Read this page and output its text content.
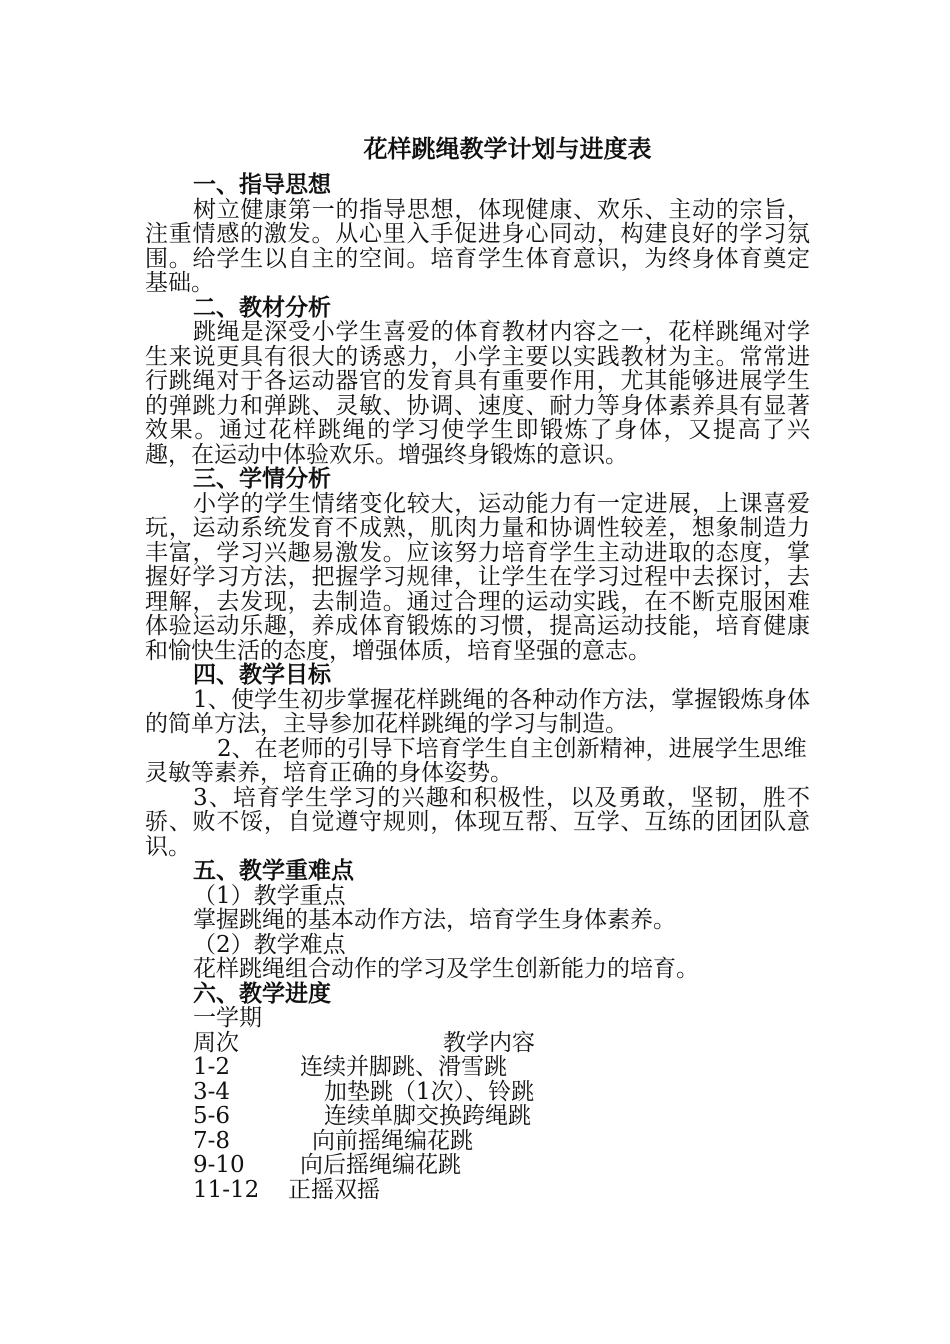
花样跳绳教学计划与进度表
一、指导思想

树立健康第一的指导思想，体现健康、欢乐、主动的宗旨，注重情感的激发。从心里入手促进身心同动，构建良好的学习氛围。给学生以自主的空间。培育学生体育意识，为终身体育奠定基础。

二、教材分析

跳绳是深受小学生喜爱的体育教材内容之一，花样跳绳对学生来说更具有很大的诱惑力，小学主要以实践教材为主。常常进行跳绳对于各运动器官的发育具有重要作用，尤其能够进展学生的弹跳力和弹跳、灵敏、协调、速度、耐力等身体素养具有显著效果。通过花样跳绳的学习使学生即锻炼了身体，又提高了兴趣，在运动中体验欢乐。增强终身锻炼的意识。

三、学情分析

小学的学生情绪变化较大，运动能力有一定进展，上课喜爱玩，运动系统发育不成熟，肌肉力量和协调性较差，想象制造力丰富，学习兴趣易激发。应该努力培育学生主动进取的态度，掌握好学习方法，把握学习规律，让学生在学习过程中去探讨，去理解，去发现，去制造。通过合理的运动实践，在不断克服困难体验运动乐趣，养成体育锻炼的习惯，提高运动技能，培育健康和愉快生活的态度，增强体质，培育坚强的意志。

四、教学目标

1、使学生初步掌握花样跳绳的各种动作方法，掌握锻炼身体的简单方法，主导参加花样跳绳的学习与制造。

2、在老师的引导下培育学生自主创新精神，进展学生思维灵敏等素养，培育正确的身体姿势。

3、培育学生学习的兴趣和积极性，以及勇敢，坚韧，胜不骄、败不馁，自觉遵守规则，体现互帮、互学、互练的团团队意识。

五、教学重难点
（1）教学重点
掌握跳绳的基本动作方法，培育学生身体素养。
（2）教学难点
花样跳绳组合动作的学习及学生创新能力的培育。
六、教学进度
一学期
周次	教学内容
1-2	连续并脚跳、滑雪跳
3-4	加垫跳（1次）、铃跳
5-6	连续单脚交换跨绳跳
7-8	向前摇绳编花跳
9-10 向后摇绳编花跳
11-12 正摇双摇
